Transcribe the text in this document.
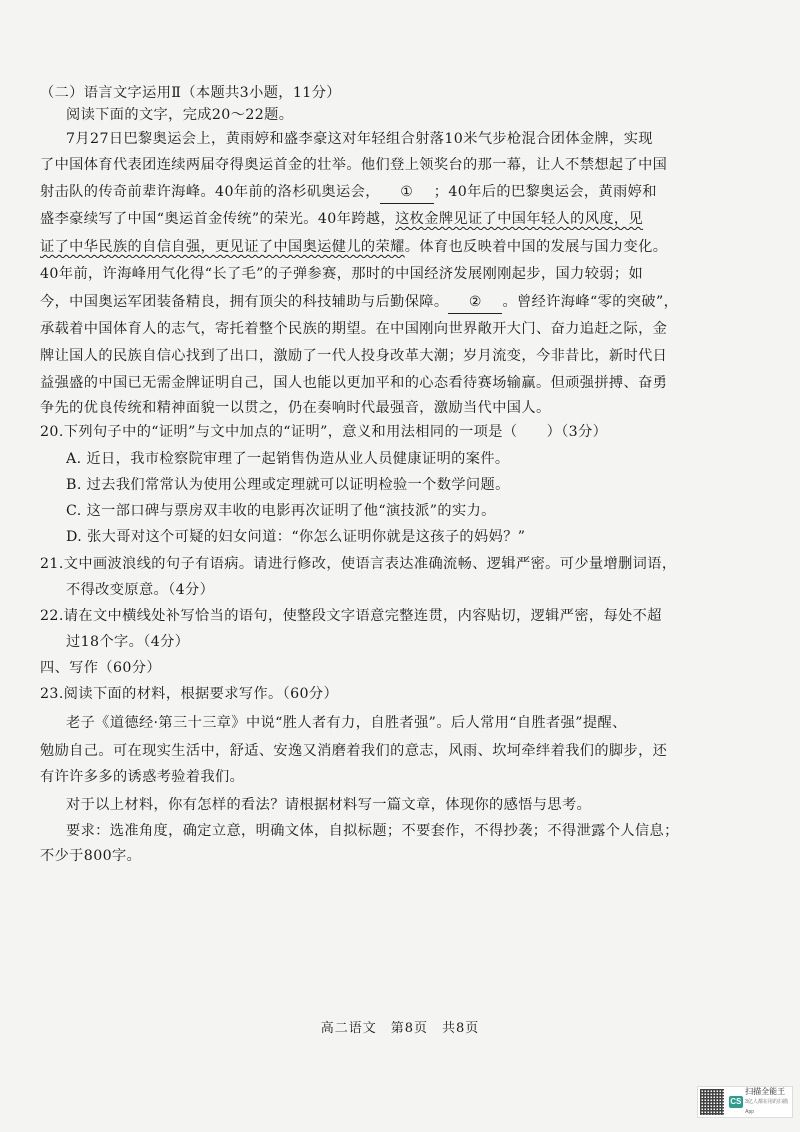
（二）语言文字运用Ⅱ（本题共3小题，11分）
阅读下面的文字，完成20～22题。
7月27日巴黎奥运会上，黄雨婷和盛李豪这对年轻组合射落10米气步枪混合团体金牌，实现
了中国体育代表团连续两届夺得奥运首金的壮举。他们登上领奖台的那一幕，让人不禁想起了中国
射击队的传奇前辈许海峰。40年前的洛杉矶奥运会， ① ；40年后的巴黎奥运会，黄雨婷和
盛李豪续写了中国“奥运首金传统”的荣光。40年跨越，这枚金牌见证了中国年轻人的风度，见
证了中华民族的自信自强，更见证了中国奥运健儿的荣耀。体育也反映着中国的发展与国力变化。
40年前，许海峰用气化得“长了毛”的子弹参赛，那时的中国经济发展刚刚起步，国力较弱；如
今，中国奥运军团装备精良，拥有顶尖的科技辅助与后勤保障。 ② 。曾经许海峰“零的突破”，
承载着中国体育人的志气，寄托着整个民族的期望。在中国刚向世界敞开大门、奋力追赶之际，金
牌让国人的民族自信心找到了出口，激励了一代人投身改革大潮；岁月流变，今非昔比，新时代日
益强盛的中国已无需金牌证明自己，国人也能以更加平和的心态看待赛场输赢。但顽强拼搏、奋勇
争先的优良传统和精神面貌一以贯之，仍在奏响时代最强音，激励当代中国人。
20.下列句子中的“证明”与文中加点的“证明”，意义和用法相同的一项是（　　）（3分）
A. 近日，我市检察院审理了一起销售伪造从业人员健康证明的案件。
B. 过去我们常常认为使用公理或定理就可以证明检验一个数学问题。
C. 这一部口碑与票房双丰收的电影再次证明了他“演技派”的实力。
D. 张大哥对这个可疑的妇女问道：“你怎么证明你就是这孩子的妈妈？”
21.文中画波浪线的句子有语病。请进行修改，使语言表达准确流畅、逻辑严密。可少量增删词语，
不得改变原意。（4分）
22.请在文中横线处补写恰当的语句，使整段文字语意完整连贯，内容贴切，逻辑严密，每处不超
过18个字。（4分）
四、写作（60分）
23.阅读下面的材料，根据要求写作。（60分）
老子《道德经·第三十三章》中说“胜人者有力，自胜者强”。后人常用“自胜者强”提醒、
勉励自己。可在现实生活中，舒适、安逸又消磨着我们的意志，风雨、坎坷牵绊着我们的脚步，还
有许许多多的诱惑考验着我们。
对于以上材料，你有怎样的看法？请根据材料写一篇文章，体现你的感悟与思考。
要求：选准角度，确定立意，明确文体，自拟标题；不要套作，不得抄袭；不得泄露个人信息；
不少于800字。
高二语文　第8页　共8页
CS
扫描全能王
3亿人都在用的扫描App
